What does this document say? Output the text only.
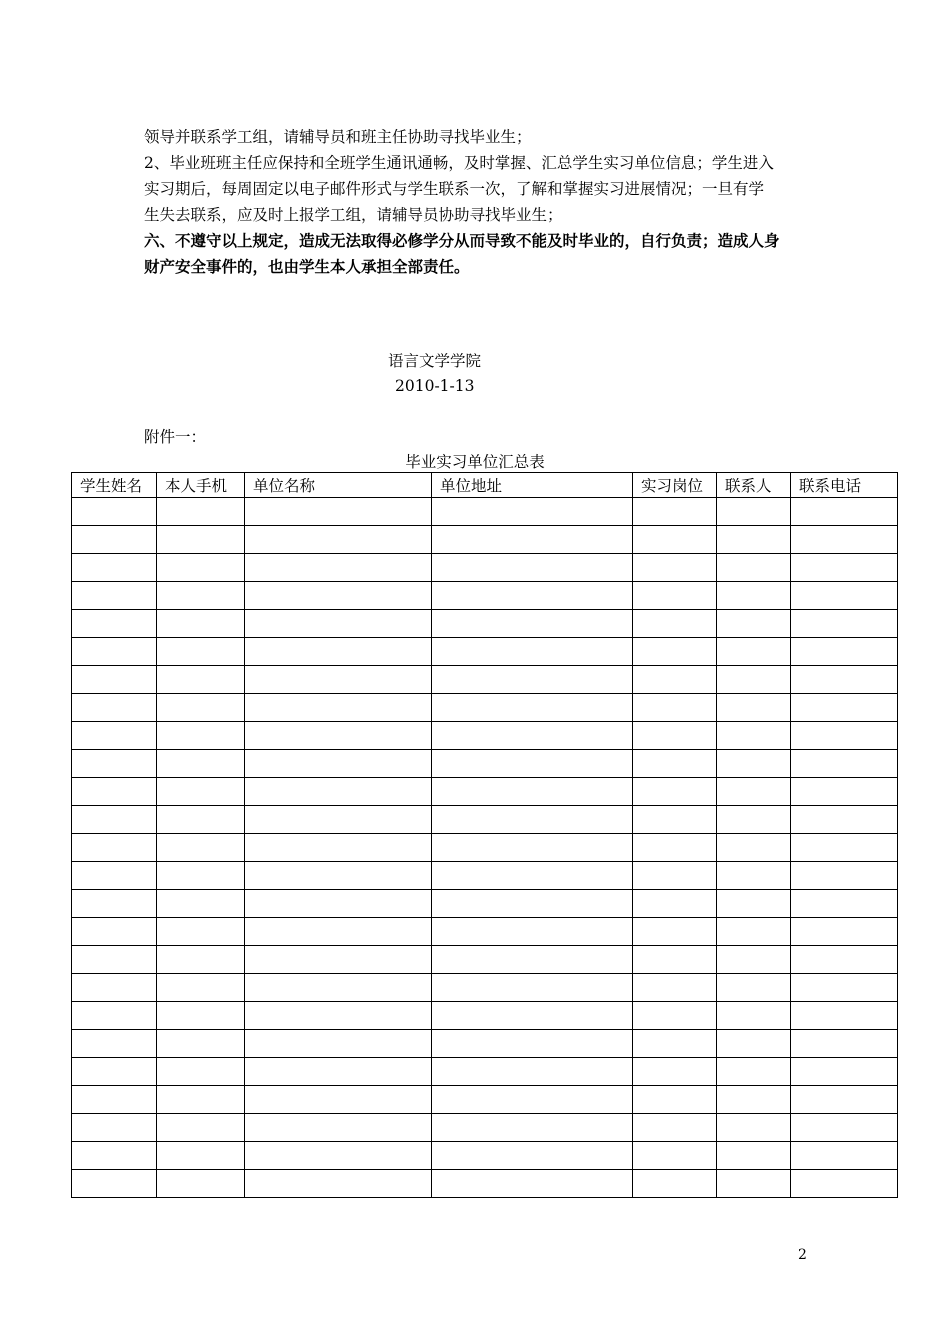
领导并联系学工组，请辅导员和班主任协助寻找毕业生；

2、毕业班班主任应保持和全班学生通讯通畅，及时掌握、汇总学生实习单位信息；学生进入

实习期后，每周固定以电子邮件形式与学生联系一次，了解和掌握实习进展情况；一旦有学

生失去联系，应及时上报学工组，请辅导员协助寻找毕业生；

六、不遵守以上规定，造成无法取得必修学分从而导致不能及时毕业的，自行负责；造成人身

财产安全事件的，也由学生本人承担全部责任。

语言文学学院
2010-1-13
附件一：
毕业实习单位汇总表
学生姓名	本人手机	单位名称	单位地址	实习岗位	联系人	联系电话

2
